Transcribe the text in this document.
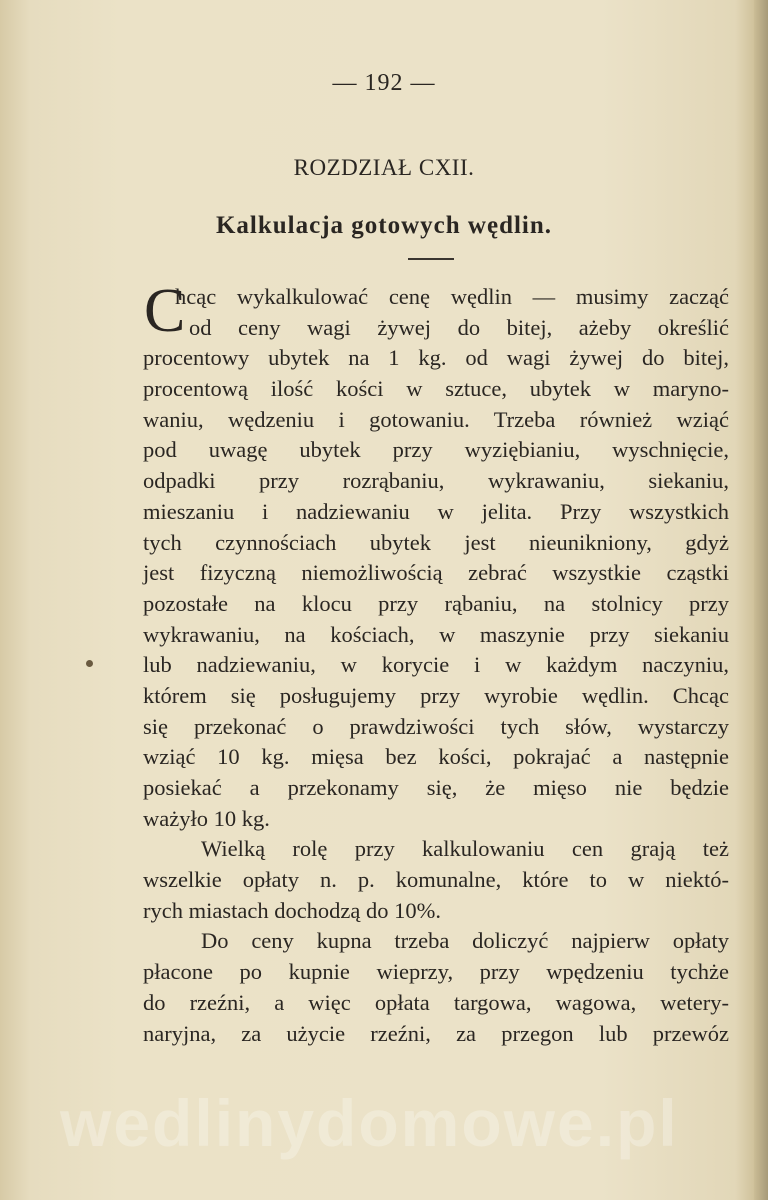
— 192 —
ROZDZIAŁ CXII.
Kalkulacja gotowych wędlin.
C
hcąc wykalkulować cenę wędlin — musimy zacząć
od ceny wagi żywej do bitej, ażeby określić
procentowy ubytek na 1 kg. od wagi żywej do bitej,
procentową ilość kości w sztuce, ubytek w maryno-
waniu, wędzeniu i gotowaniu. Trzeba również wziąć
pod uwagę ubytek przy wyziębianiu, wyschnięcie,
odpadki przy rozrąbaniu, wykrawaniu, siekaniu,
mieszaniu i nadziewaniu w jelita. Przy wszystkich
tych czynnościach ubytek jest nieunikniony, gdyż
jest fizyczną niemożliwością zebrać wszystkie cząstki
pozostałe na klocu przy rąbaniu, na stolnicy przy
wykrawaniu, na kościach, w maszynie przy siekaniu
lub nadziewaniu, w korycie i w każdym naczyniu,
którem się posługujemy przy wyrobie wędlin. Chcąc
się przekonać o prawdziwości tych słów, wystarczy
wziąć 10 kg. mięsa bez kości, pokrajać a następnie
posiekać a przekonamy się, że mięso nie będzie
ważyło 10 kg.
Wielką rolę przy kalkulowaniu cen grają też
wszelkie opłaty n. p. komunalne, które to w niektó-
rych miastach dochodzą do 10%.
Do ceny kupna trzeba doliczyć najpierw opłaty
płacone po kupnie wieprzy, przy wpędzeniu tychże
do rzeźni, a więc opłata targowa, wagowa, wetery-
naryjna, za użycie rzeźni, za przegon lub przewóz
wedlinydomowe.pl
